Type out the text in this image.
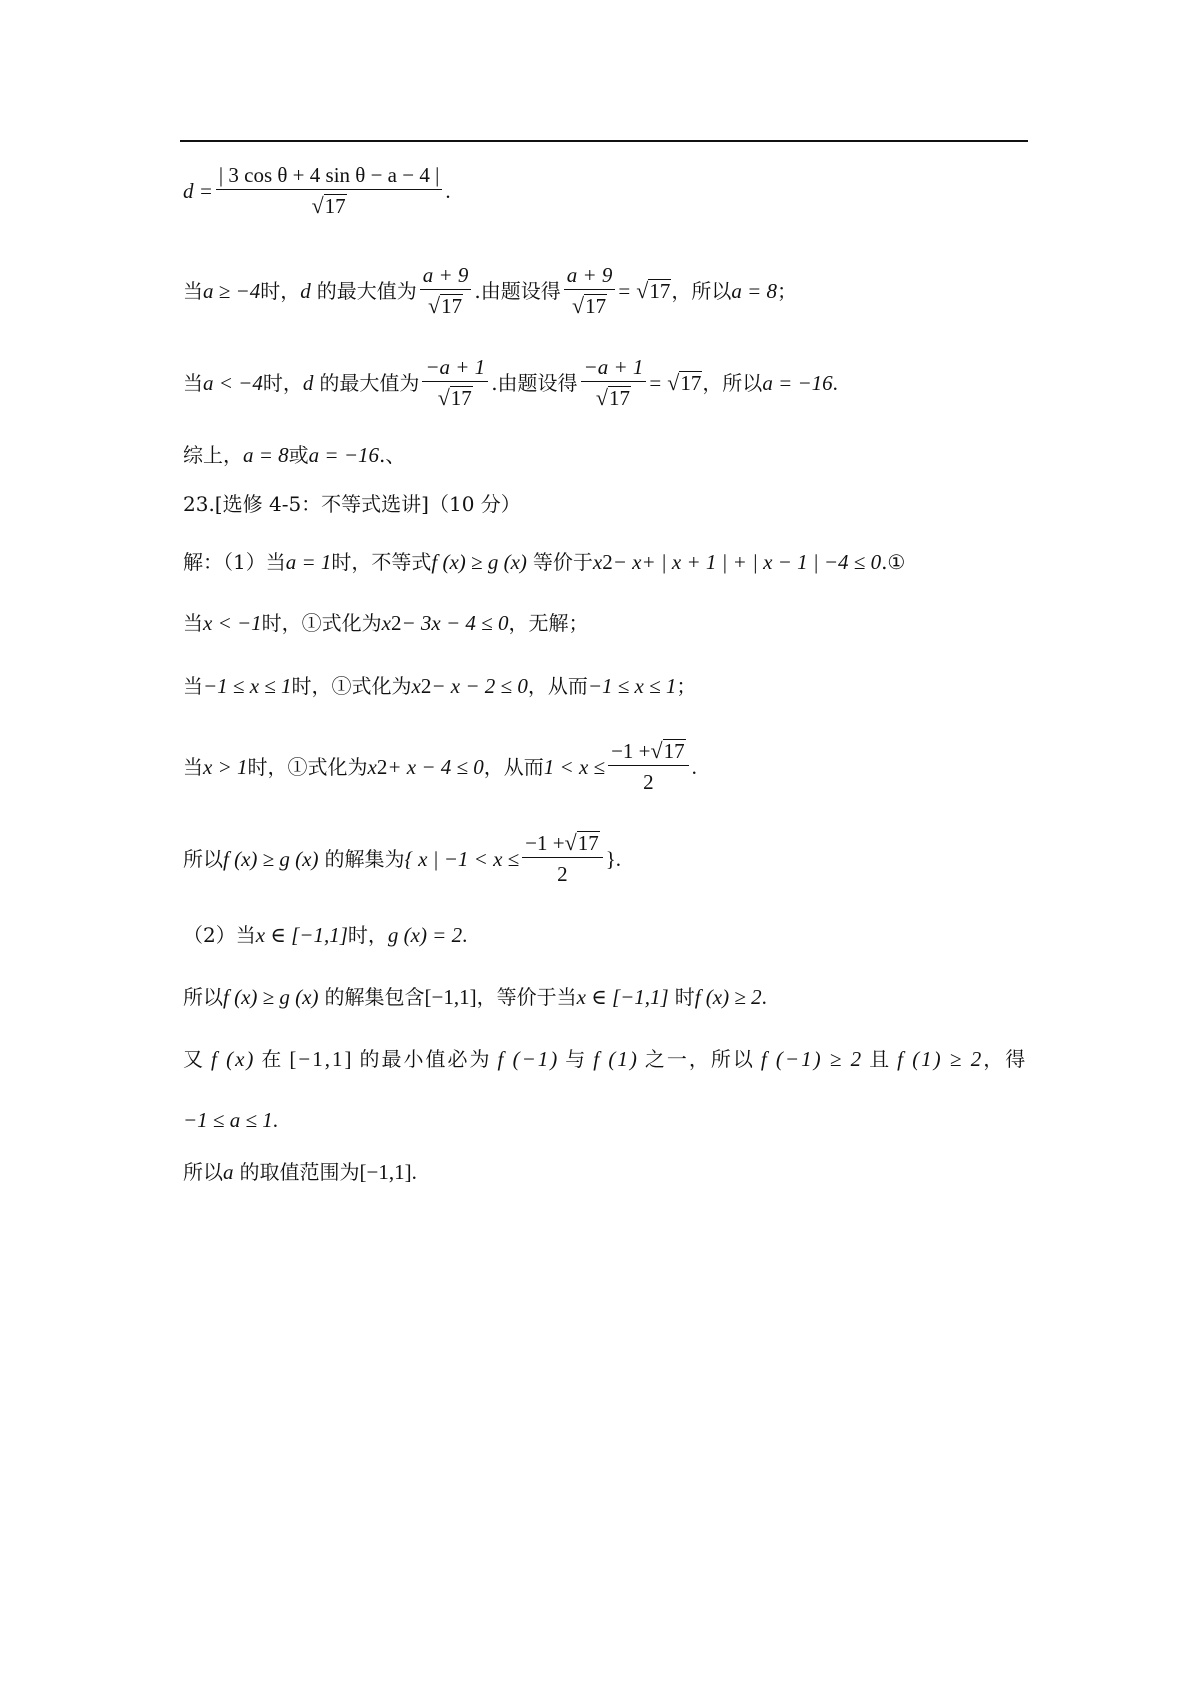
$d = \frac{\text{| 3 cos θ + 4 sin θ − a − 4 |}}{√ 17}$ .
当 a ≥ −4 时， d 的最大值为 $\frac{a + 9}{√ 17}$ .由题设得 $\frac{a + 9}{√ 17}$ = √ 17 ，所以 a = 8 ；
当 a < −4 时， d 的最大值为 $\frac{-a + 1}{√ 17}$ .由题设得 $\frac{-a + 1}{√ 17}$ = √ 17 ，所以 a = −16 .
综上， a = 8 或 a = −16 .、
23.[选修 4-5：不等式选讲]（10 分）
解：（1）当 a = 1 时，不等式 f (x) ≥ g (x) 等价于 x 2 − x+ | x + 1 | + | x − 1 | −4 ≤ 0 .①
当 x < −1 时，①式化为 x 2 − 3x − 4 ≤ 0 ，无解；
当 −1 ≤ x ≤ 1 时，①式化为 x 2 − x − 2 ≤ 0 ，从而 −1 ≤ x ≤ 1 ；
当 x > 1 时，①式化为 x 2 + x − 4 ≤ 0 ，从而 $1 < x \le \frac{-1 + √ 17}{2}$ .
所以 f (x) ≥ g (x) 的解集为 { x | $-1 < x \le \frac{-1 + √ 17}{2}$ } .
（2）当 x ∈ [−1,1] 时， g (x) = 2 .
所以 f (x) ≥ g (x) 的解集包含 [−1,1] ，等价于当 x ∈ [−1,1] 时 f (x) ≥ 2 .
又 f (x) 在 [−1,1] 的最小值必为 f (−1) 与 f (1) 之一，所以 f (−1) ≥ 2 且 f (1) ≥ 2 ，得
−1 ≤ a ≤ 1 .
所以 a 的取值范围为 [−1,1] .
